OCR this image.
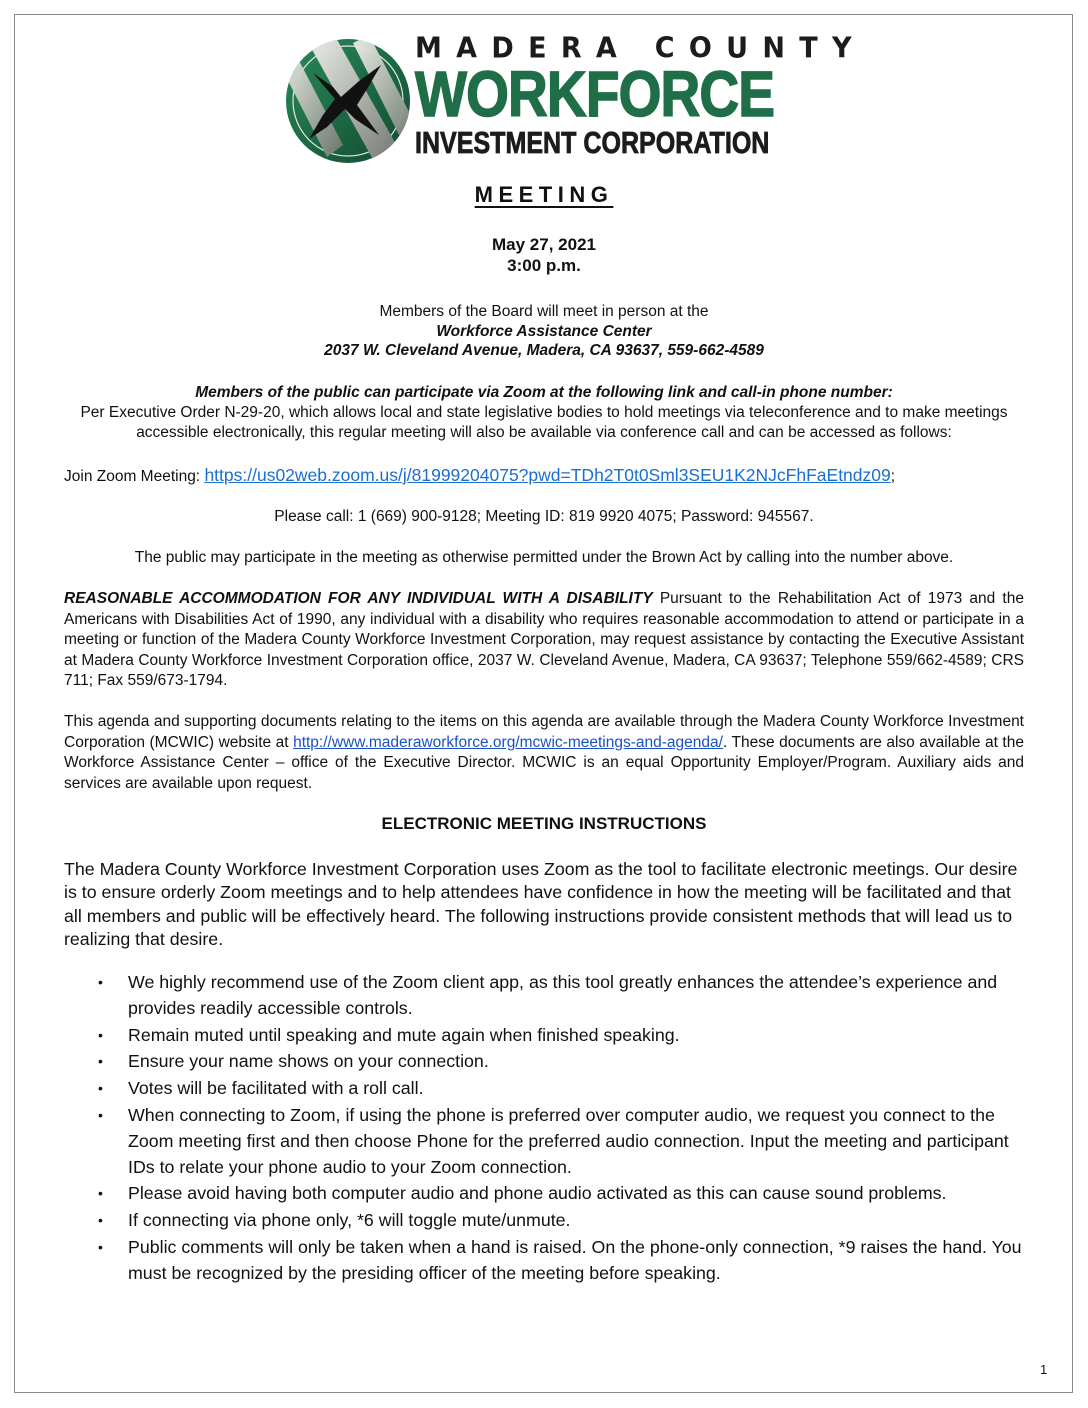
MADERA COUNTY
WORKFORCE
INVESTMENT CORPORATION
MEETING
May 27, 2021
3:00 p.m.
Members of the Board will meet in person at the
Workforce Assistance Center
2037 W. Cleveland Avenue, Madera, CA 93637, 559-662-4589
Members of the public can participate via Zoom at the following link and call-in phone number:
Per Executive Order N-29-20, which allows local and state legislative bodies to hold meetings via teleconference and to make meetings accessible electronically, this regular meeting will also be available via conference call and can be accessed as follows:
Join Zoom Meeting: https://us02web.zoom.us/j/81999204075?pwd=TDh2T0t0Sml3SEU1K2NJcFhFaEtndz09;
Please call: 1 (669) 900-9128; Meeting ID: 819 9920 4075; Password: 945567.
The public may participate in the meeting as otherwise permitted under the Brown Act by calling into the number above.
REASONABLE ACCOMMODATION FOR ANY INDIVIDUAL WITH A DISABILITY Pursuant to the Rehabilitation Act of 1973 and the Americans with Disabilities Act of 1990, any individual with a disability who requires reasonable accommodation to attend or participate in a meeting or function of the Madera County Workforce Investment Corporation, may request assistance by contacting the Executive Assistant at Madera County Workforce Investment Corporation office, 2037 W. Cleveland Avenue, Madera, CA 93637; Telephone 559/662-4589; CRS 711; Fax 559/673-1794.
This agenda and supporting documents relating to the items on this agenda are available through the Madera County Workforce Investment Corporation (MCWIC) website at http://www.maderaworkforce.org/mcwic-meetings-and-agenda/. These documents are also available at the Workforce Assistance Center – office of the Executive Director. MCWIC is an equal Opportunity Employer/Program. Auxiliary aids and services are available upon request.
ELECTRONIC MEETING INSTRUCTIONS
The Madera County Workforce Investment Corporation uses Zoom as the tool to facilitate electronic meetings. Our desire is to ensure orderly Zoom meetings and to help attendees have confidence in how the meeting will be facilitated and that all members and public will be effectively heard. The following instructions provide consistent methods that will lead us to realizing that desire.
• We highly recommend use of the Zoom client app, as this tool greatly enhances the attendee’s experience and provides readily accessible controls.
• Remain muted until speaking and mute again when finished speaking.
• Ensure your name shows on your connection.
• Votes will be facilitated with a roll call.
• When connecting to Zoom, if using the phone is preferred over computer audio, we request you connect to the Zoom meeting first and then choose Phone for the preferred audio connection. Input the meeting and participant IDs to relate your phone audio to your Zoom connection.
• Please avoid having both computer audio and phone audio activated as this can cause sound problems.
• If connecting via phone only, *6 will toggle mute/unmute.
• Public comments will only be taken when a hand is raised. On the phone-only connection, *9 raises the hand. You must be recognized by the presiding officer of the meeting before speaking.
1
